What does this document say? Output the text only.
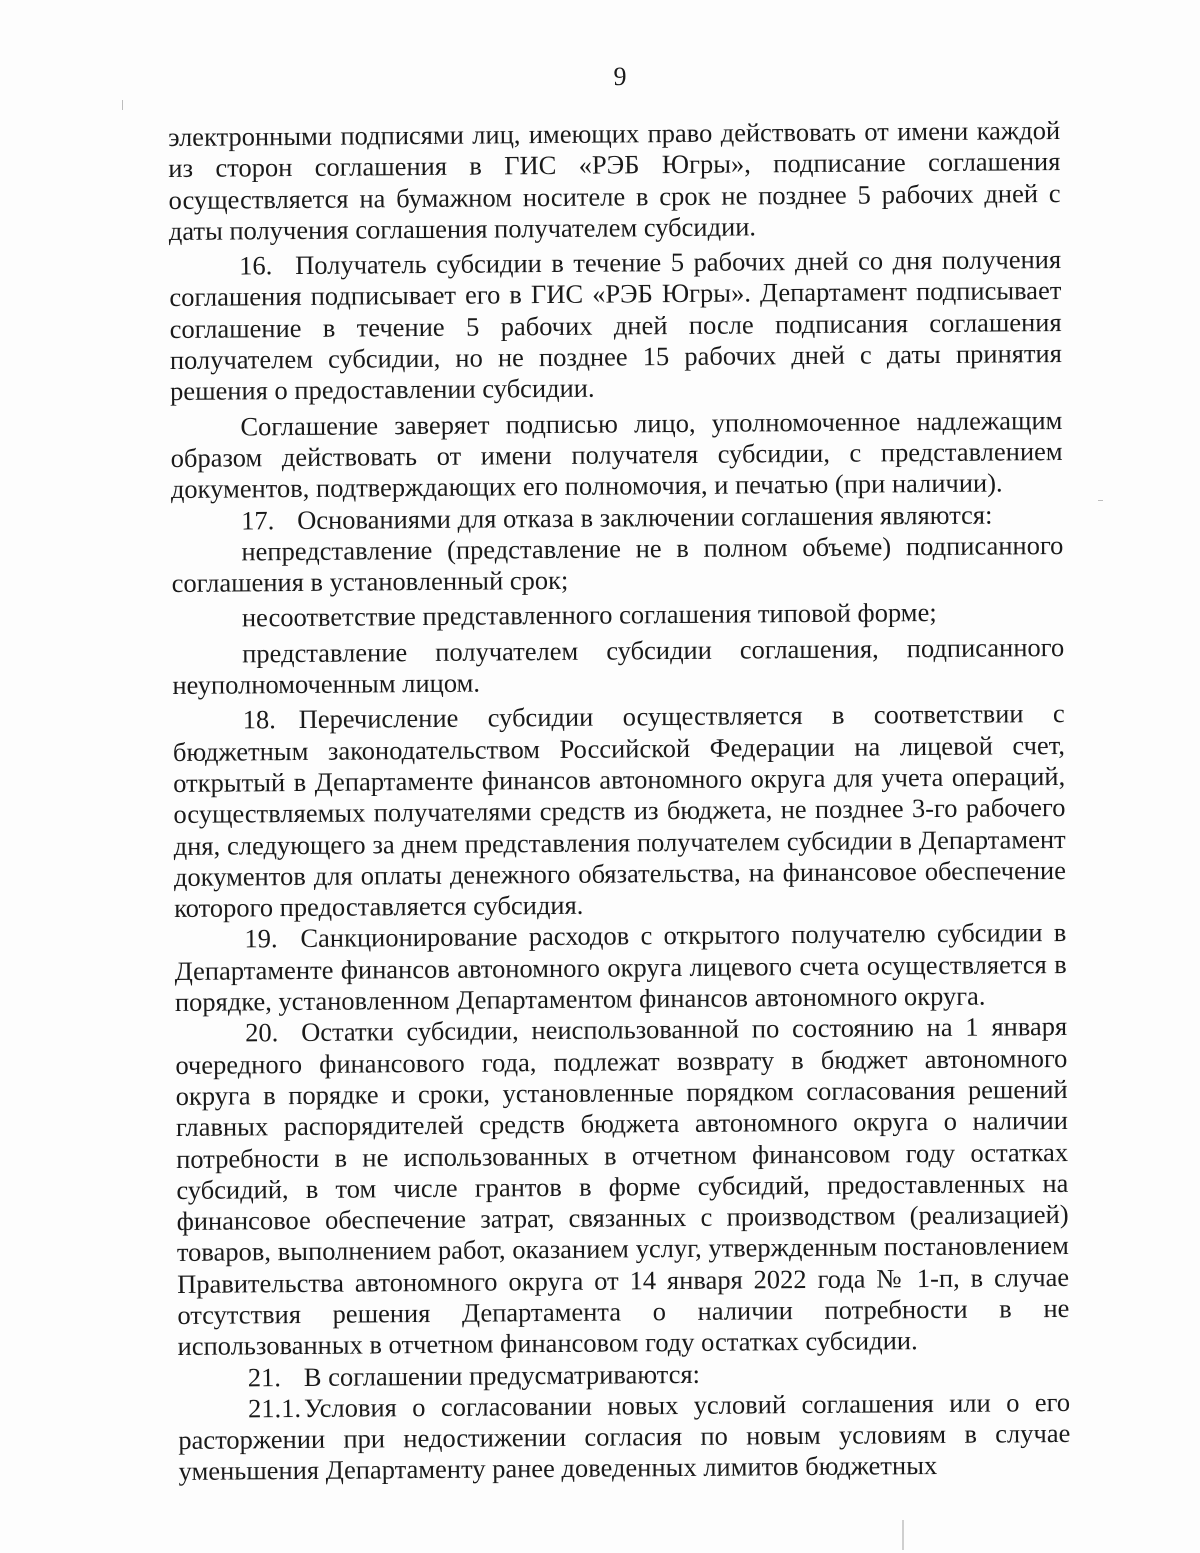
9

электронными подписями лиц, имеющих право действовать от имени каждой из сторон соглашения в ГИС «РЭБ Югры», подписание соглашения осуществляется на бумажном носителе в срок не позднее 5 рабочих дней с даты получения соглашения получателем субсидии.

16. Получатель субсидии в течение 5 рабочих дней со дня получения соглашения подписывает его в ГИС «РЭБ Югры». Департамент подписывает соглашение в течение 5 рабочих дней после подписания соглашения получателем субсидии, но не позднее 15 рабочих дней с даты принятия решения о предоставлении субсидии.

Соглашение заверяет подписью лицо, уполномоченное надлежащим образом действовать от имени получателя субсидии, с представлением документов, подтверждающих его полномочия, и печатью (при наличии).

17. Основаниями для отказа в заключении соглашения являются:

непредставление (представление не в полном объеме) подписанного соглашения в установленный срок;

несоответствие представленного соглашения типовой форме;

представление получателем субсидии соглашения, подписанного неуполномоченным лицом.

18. Перечисление субсидии осуществляется в соответствии с бюджетным законодательством Российской Федерации на лицевой счет, открытый в Департаменте финансов автономного округа для учета операций, осуществляемых получателями средств из бюджета, не позднее 3-го рабочего дня, следующего за днем представления получателем субсидии в Департамент документов для оплаты денежного обязательства, на финансовое обеспечение которого предоставляется субсидия.

19. Санкционирование расходов с открытого получателю субсидии в Департаменте финансов автономного округа лицевого счета осуществляется в порядке, установленном Департаментом финансов автономного округа.

20. Остатки субсидии, неиспользованной по состоянию на 1 января очередного финансового года, подлежат возврату в бюджет автономного округа в порядке и сроки, установленные порядком согласования решений главных распорядителей средств бюджета автономного округа о наличии потребности в не использованных в отчетном финансовом году остатках субсидий, в том числе грантов в форме субсидий, предоставленных на финансовое обеспечение затрат, связанных с производством (реализацией) товаров, выполнением работ, оказанием услуг, утвержденным постановлением Правительства автономного округа от 14 января 2022 года № 1-п, в случае отсутствия решения Департамента о наличии потребности в не использованных в отчетном финансовом году остатках субсидии.

21. В соглашении предусматриваются:

21.1. Условия о согласовании новых условий соглашения или о его расторжении при недостижении согласия по новым условиям в случае уменьшения Департаменту ранее доведенных лимитов бюджетных
